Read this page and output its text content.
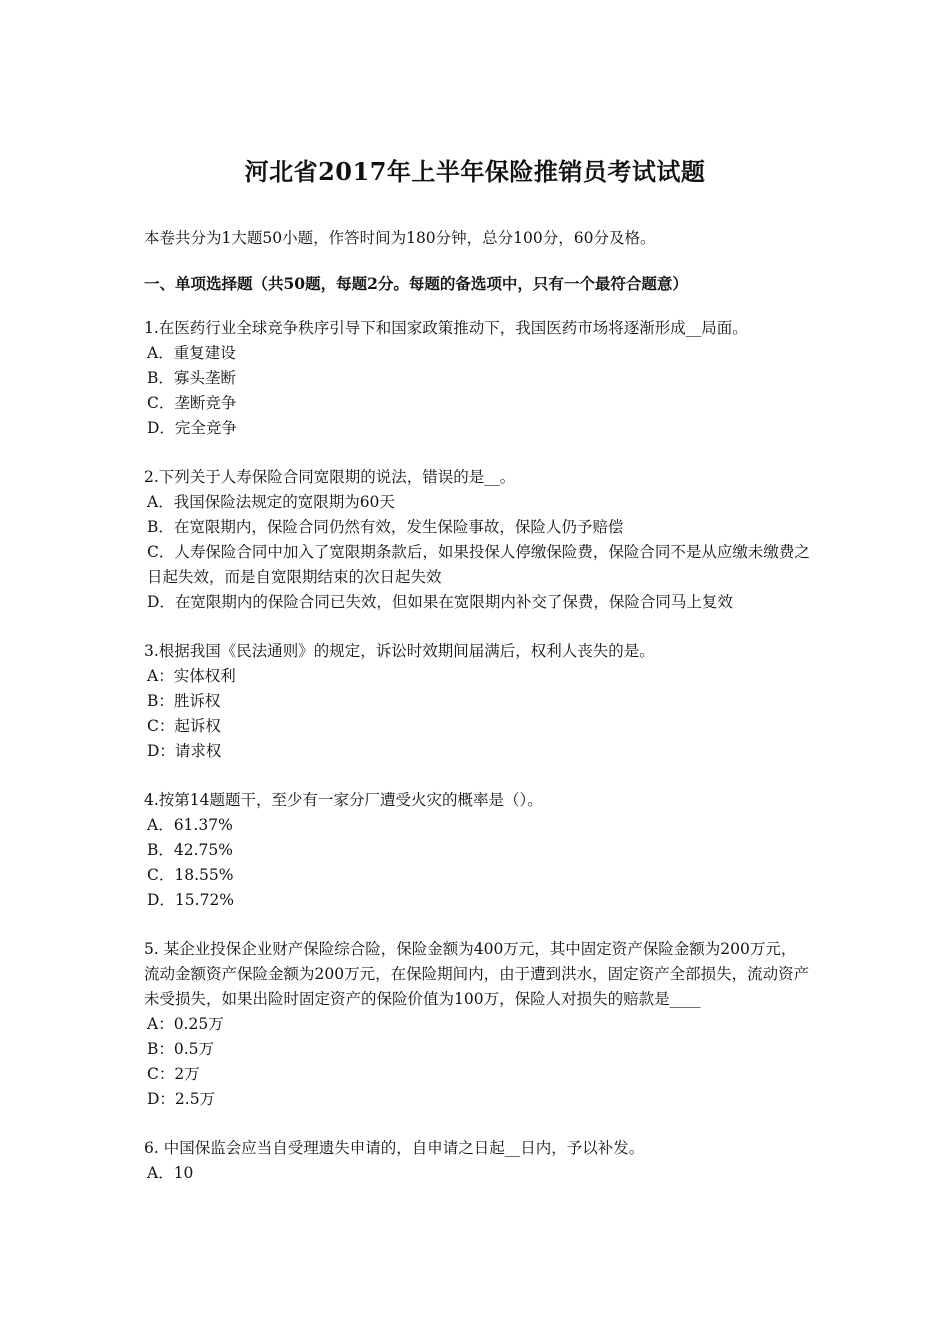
河北省2017年上半年保险推销员考试试题
本卷共分为1大题50小题，作答时间为180分钟，总分100分，60分及格。
一、单项选择题（共50题，每题2分。每题的备选项中，只有一个最符合题意）
1.在医药行业全球竞争秩序引导下和国家政策推动下，我国医药市场将逐渐形成__局面。
A．重复建设
B．寡头垄断
C．垄断竞争
D．完全竞争
2.下列关于人寿保险合同宽限期的说法，错误的是__。
A．我国保险法规定的宽限期为60天
B．在宽限期内，保险合同仍然有效，发生保险事故，保险人仍予赔偿
C．人寿保险合同中加入了宽限期条款后，如果投保人停缴保险费，保险合同不是从应缴未缴费之日起失效，而是自宽限期结束的次日起失效
D．在宽限期内的保险合同已失效，但如果在宽限期内补交了保费，保险合同马上复效
3.根据我国《民法通则》的规定，诉讼时效期间届满后，权利人丧失的是。
A：实体权利
B：胜诉权
C：起诉权
D：请求权
4.按第14题题干，至少有一家分厂遭受火灾的概率是（）。
A．61.37%
B．42.75%
C．18.55%
D．15.72%
5. 某企业投保企业财产保险综合险，保险金额为400万元，其中固定资产保险金额为200万元，流动金额资产保险金额为200万元，在保险期间内，由于遭到洪水，固定资产全部损失，流动资产未受损失，如果出险时固定资产的保险价值为100万，保险人对损失的赔款是____
A：0.25万
B：0.5万
C：2万
D：2.5万
6. 中国保监会应当自受理遗失申请的，自申请之日起__日内，予以补发。
A．10
